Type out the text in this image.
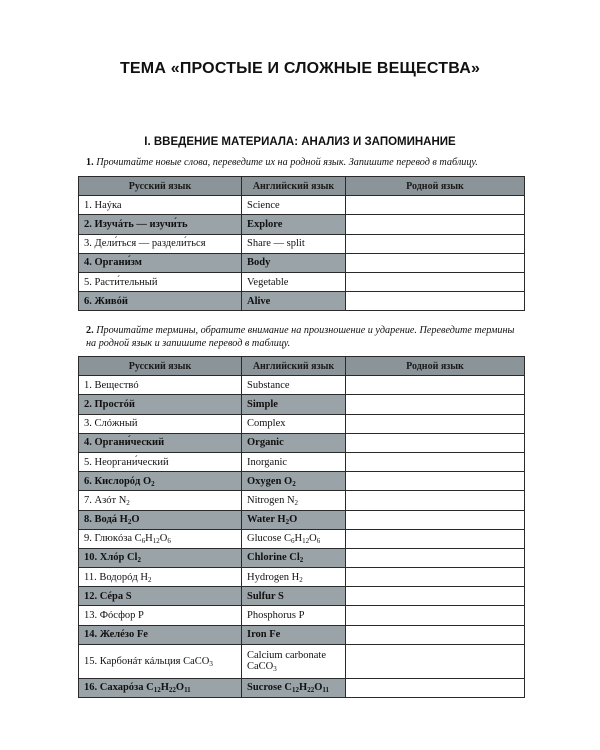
ТЕМА «ПРОСТЫЕ И СЛОЖНЫЕ ВЕЩЕСТВА»
I. ВВЕДЕНИЕ МАТЕРИАЛА: АНАЛИЗ И ЗАПОМИНАНИЕ
1. Прочитайте новые слова, переведите их на родной язык. Запишите перевод в таблицу.
Русский язык	Английский язык	Родной язык
1. Наýка	Science	
2. Изучáть — изучи́ть	Explore	
3. Дели́ться — раздели́ться	Share — split	
4. Органи́зм	Body	
5. Расти́тельный	Vegetable	
6. Живóй	Alive	
2. Прочитайте термины, обратите внимание на произношение и ударение. Переведите термины на родной язык и запишите перевод в таблицу.
Русский язык	Английский язык	Родной язык
1. Веществó	Substance	
2. Простóй	Simple	
3. Слóжный	Complex	
4. Органи́ческий	Organic	
5. Неоргани́ческий	Inorganic	
6. Кислорóд $O_2$	Oxygen $O_2$	
7. Азóт $N_2$	Nitrogen $N_2$	
8. Водá $H_2O$	Water $H_2O$	
9. Глюкóза $C_6H_{12}O_6$	Glucose $C_6H_{12}O_6$	
10. Хлóр $Cl_2$	Chlorine $Cl_2$	
11. Водорóд $H_2$	Hydrogen $H_2$	
12. Сéра S	Sulfur S	
13. Фóсфор P	Phosphorus P	
14. Желéзо Fe	Iron Fe	
15. Карбонáт кáльция CaCO$_3$	Calcium carbonate CaCO$_3$	
16. Сахарóза $C_{12}H_{22}O_{11}$	Sucrose $C_{12}H_{22}O_{11}$	
